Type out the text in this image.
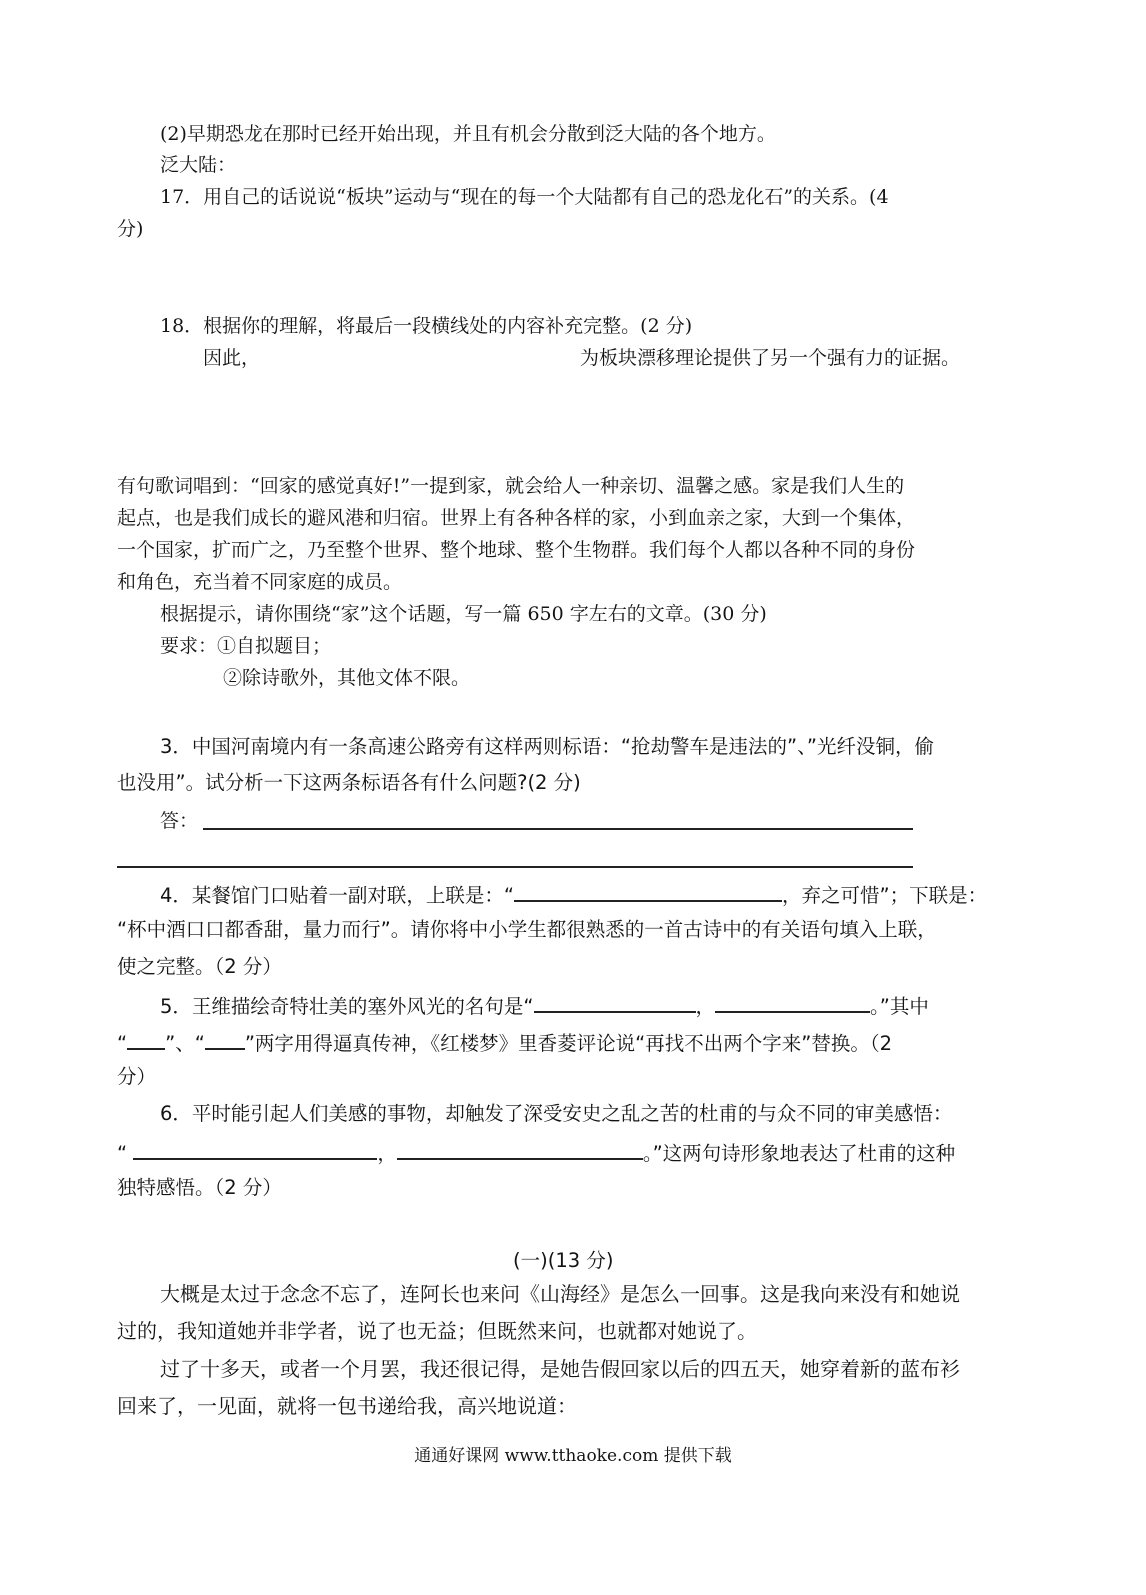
(2)早期恐龙在那时已经开始出现，并且有机会分散到泛大陆的各个地方。
泛大陆：
17．用自己的话说说“板块”运动与“现在的每一个大陆都有自己的恐龙化石”的关系。(4
分)
18．根据你的理解，将最后一段横线处的内容补充完整。(2 分)
因此，	为板块漂移理论提供了另一个强有力的证据。
有句歌词唱到：“回家的感觉真好!”一提到家，就会给人一种亲切、温馨之感。家是我们人生的
起点，也是我们成长的避风港和归宿。世界上有各种各样的家，小到血亲之家，大到一个集体，
一个国家，扩而广之，乃至整个世界、整个地球、整个生物群。我们每个人都以各种不同的身份
和角色，充当着不同家庭的成员。
根据提示，请你围绕“家”这个话题，写一篇 650 字左右的文章。(30 分)
要求：①自拟题目；
②除诗歌外，其他文体不限。
3．中国河南境内有一条高速公路旁有这样两则标语：“抢劫警车是违法的”、”光纤没铜，偷
也没用”。试分析一下这两条标语各有什么问题?(2 分)
答：
4．某餐馆门口贴着一副对联，上联是：“	，弃之可惜”；下联是：
“杯中酒口口都香甜，量力而行”。请你将中小学生都很熟悉的一首古诗中的有关语句填入上联，
使之完整。（2 分）
5．王维描绘奇特壮美的塞外风光的名句是“	，	。”其中
“ ”、“ ”两字用得逼真传神，《红楼梦》里香菱评论说“再找不出两个字来”替换。（2
分）
6．平时能引起人们美感的事物，却触发了深受安史之乱之苦的杜甫的与众不同的审美感悟：
“	，	。”这两句诗形象地表达了杜甫的这种
独特感悟。（2 分）
(一)(13 分)
大概是太过于念念不忘了，连阿长也来问《山海经》是怎么一回事。这是我向来没有和她说
过的，我知道她并非学者，说了也无益；但既然来问，也就都对她说了。
过了十多天，或者一个月罢，我还很记得，是她告假回家以后的四五天，她穿着新的蓝布衫
回来了，一见面，就将一包书递给我，高兴地说道：
通通好课网 www.tthaoke.com 提供下载
